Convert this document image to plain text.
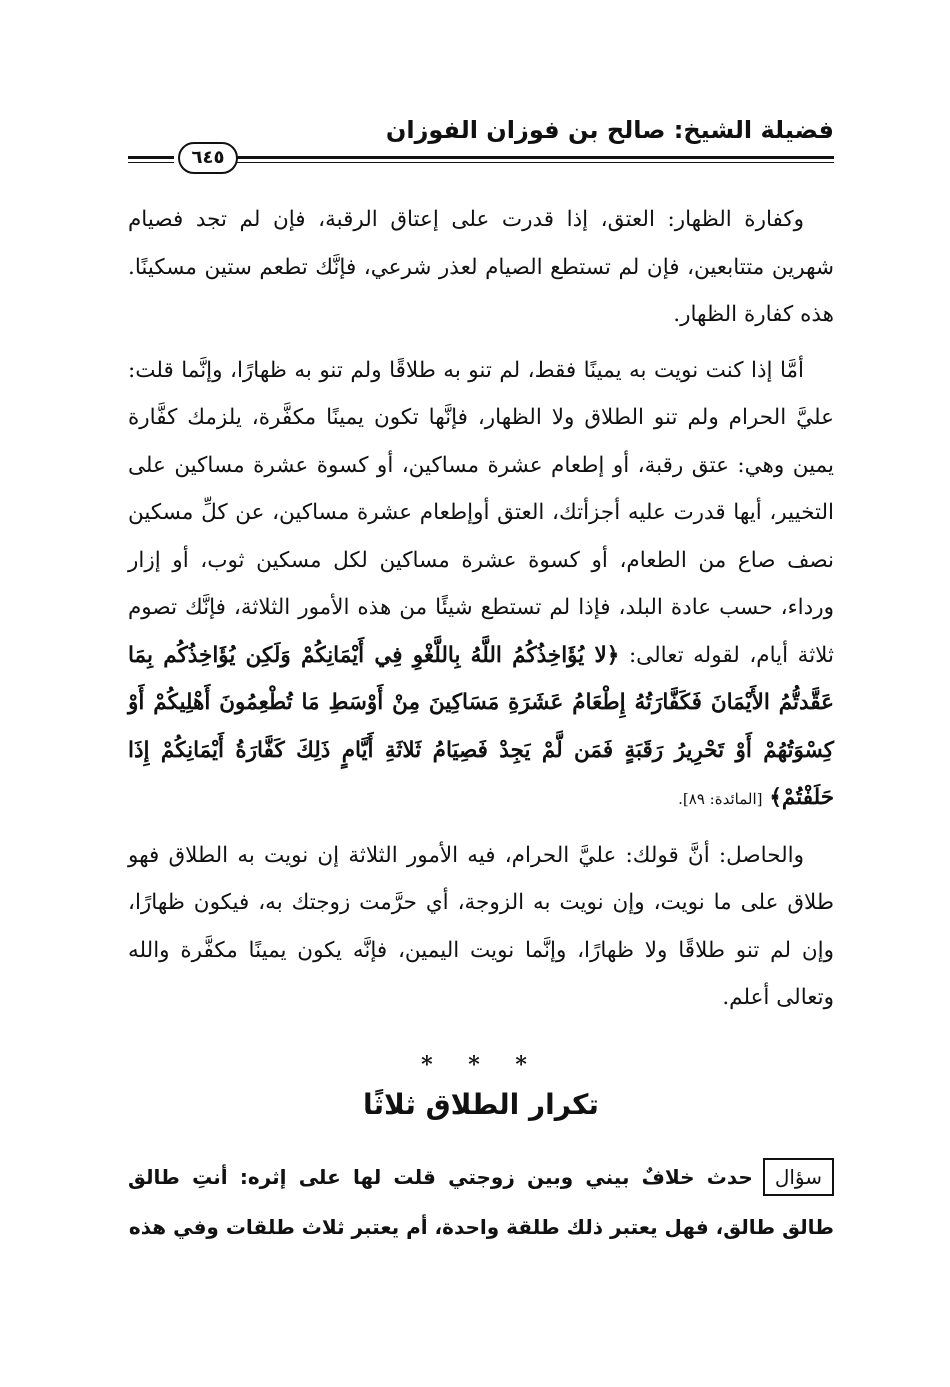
فضيلة الشيخ: صالح بن فوزان الفوزان
٦٤٥

وكفارة الظهار: العتق، إذا قدرت على إعتاق الرقبة، فإن لم تجد فصيام شهرين متتابعين، فإن لم تستطع الصيام لعذر شرعي، فإنَّك تطعم ستين مسكينًا. هذه كفارة الظهار.

أمَّا إذا كنت نويت به يمينًا فقط، لم تنو به طلاقًا ولم تنو به ظهارًا، وإنَّما قلت: عليَّ الحرام ولم تنو الطلاق ولا الظهار، فإنَّها تكون يمينًا مكفَّرة، يلزمك كفَّارة يمين وهي: عتق رقبة، أو إطعام عشرة مساكين، أو كسوة عشرة مساكين على التخيير، أيها قدرت عليه أجزأتك، العتق أوإطعام عشرة مساكين، عن كلِّ مسكين نصف صاع من الطعام، أو كسوة عشرة مساكين لكل مسكين ثوب، أو إزار ورداء، حسب عادة البلد، فإذا لم تستطع شيئًا من هذه الأمور الثلاثة، فإنَّك تصوم ثلاثة أيام، لقوله تعالى: ﴿لا يُؤَاخِذُكُمُ اللَّهُ بِاللَّغْوِ فِي أَيْمَانِكُمْ وَلَكِن يُؤَاخِذُكُم بِمَا عَقَّدتُّمُ الأَيْمَانَ فَكَفَّارَتُهُ إِطْعَامُ عَشَرَةِ مَسَاكِينَ مِنْ أَوْسَطِ مَا تُطْعِمُونَ أَهْلِيكُمْ أَوْ كِسْوَتُهُمْ أَوْ تَحْرِيرُ رَقَبَةٍ فَمَن لَّمْ يَجِدْ فَصِيَامُ ثَلاثَةِ أَيَّامٍ ذَلِكَ كَفَّارَةُ أَيْمَانِكُمْ إِذَا حَلَفْتُمْ﴾ [المائدة: ٨٩].

والحاصل: أنَّ قولك: عليَّ الحرام، فيه الأمور الثلاثة إن نويت به الطلاق فهو طلاق على ما نويت، وإن نويت به الزوجة، أي حرَّمت زوجتك به، فيكون ظهارًا، وإن لم تنو طلاقًا ولا ظهارًا، وإنَّما نويت اليمين، فإنَّه يكون يمينًا مكفَّرة والله وتعالى أعلم.

* * *
تكرار الطلاق ثلاثًا
سؤالحدث خلافٌ بيني وبين زوجتي قلت لها على إثره: أنتِ طالق طالق طالق، فهل يعتبر ذلك طلقة واحدة، أم يعتبر ثلاث طلقات وفي هذه
